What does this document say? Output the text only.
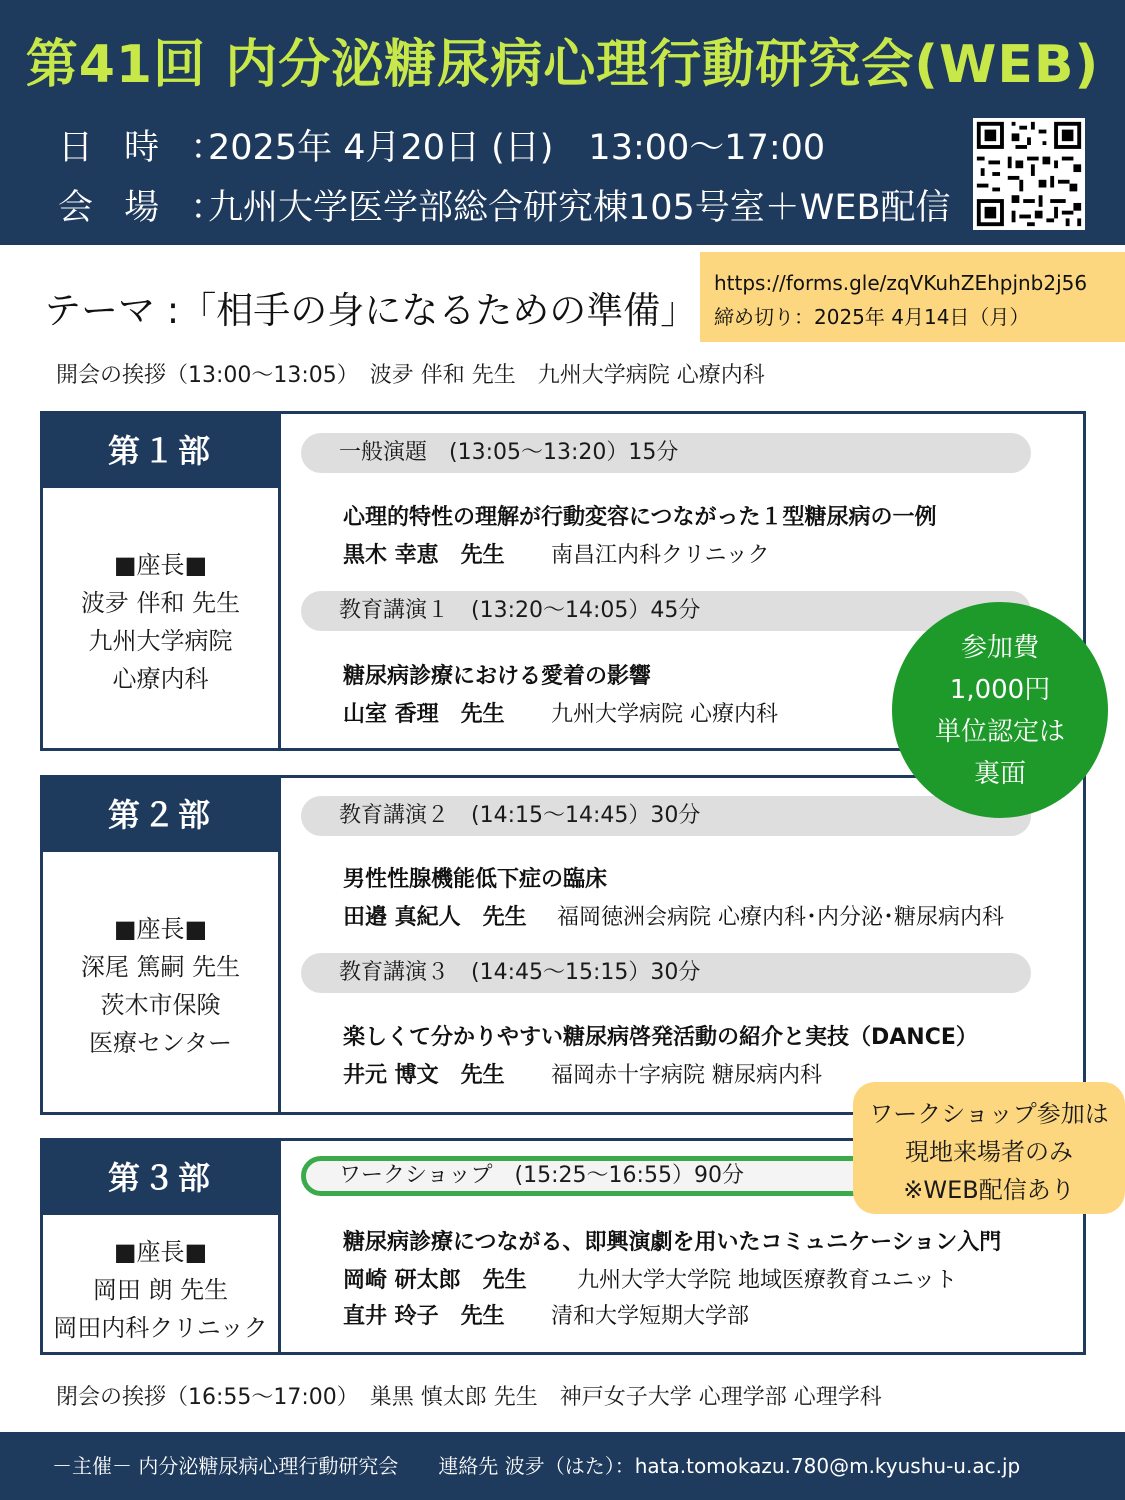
第41回 内分泌糖尿病心理行動研究会(WEB)
日 時 ：2025年 4月20日 (日)　13:00～17:00
会 場 ：九州大学医学部総合研究棟105号室＋WEB配信
テーマ :「相手の身になるための準備」
https://forms.gle/zqVKuhZEhpjnb2j56
締め切り：2025年 4月14日（月）
開会の挨拶（13:00～13:05）　波夛 伴和 先生　九州大学病院 心療内科
第１部
■座長■
波夛 伴和 先生
九州大学病院
心療内科
一般演題　(13:05～13:20）15分
心理的特性の理解が行動変容につながった１型糖尿病の一例
黒木 幸恵　先生 南昌江内科クリニック
教育講演１　(13:20～14:05）45分
糖尿病診療における愛着の影響
山室 香理　先生 九州大学病院 心療内科
第２部
■座長■
深尾 篤嗣 先生
茨木市保険
医療センター
教育講演２　(14:15～14:45）30分
男性性腺機能低下症の臨床
田邉 真紀人　先生 福岡徳洲会病院 心療内科･内分泌･糖尿病内科
教育講演３　(14:45～15:15）30分
楽しくて分かりやすい糖尿病啓発活動の紹介と実技（DANCE）
井元 博文　先生 福岡赤十字病院 糖尿病内科
第３部
■座長■
岡田 朗 先生
岡田内科クリニック
ワークショップ　(15:25～16:55）90分
糖尿病診療につながる、即興演劇を用いたコミュニケーション入門
岡崎 研太郎　先生 九州大学大学院 地域医療教育ユニット
直井 玲子　先生 清和大学短期大学部
参加費
1,000円
単位認定は
裏面
ワークショップ参加は
現地来場者のみ
※WEB配信あり
閉会の挨拶（16:55～17:00）　巣黒 慎太郎 先生　神戸女子大学 心理学部 心理学科
－主催－ 内分泌糖尿病心理行動研究会　　連絡先 波夛（はた）：hata.tomokazu.780@m.kyushu-u.ac.jp
